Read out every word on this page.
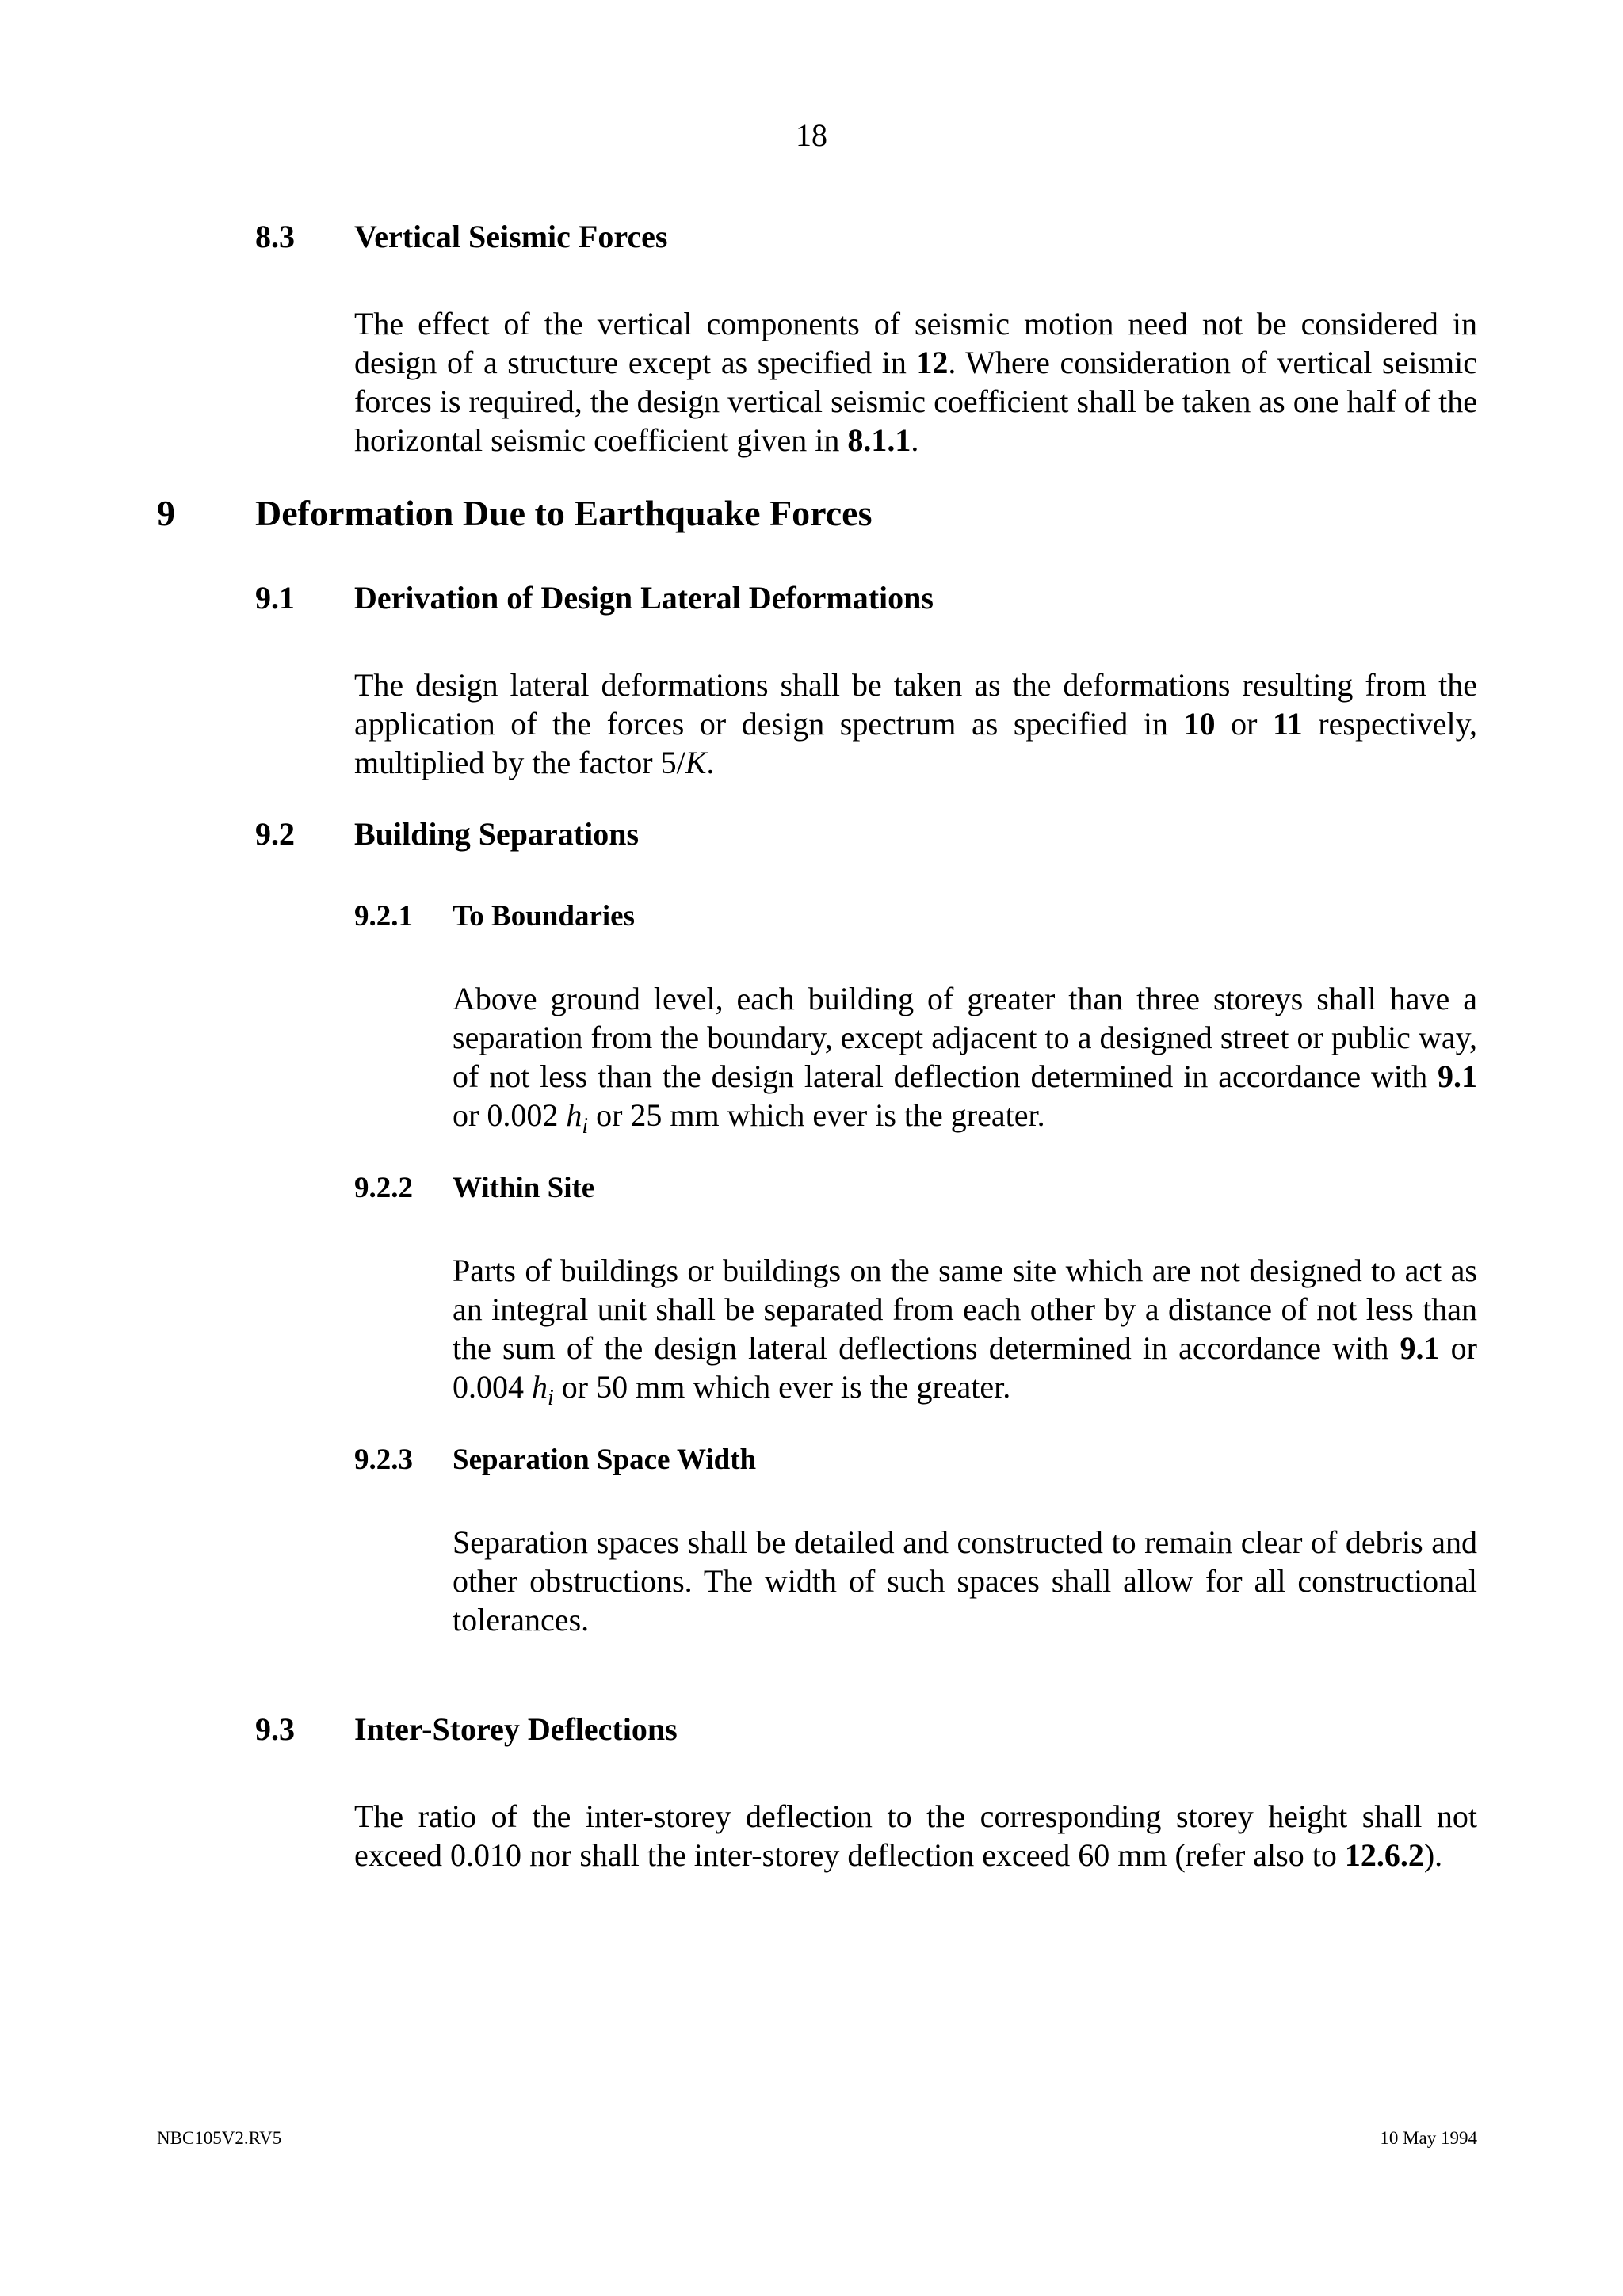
18
8.3 Vertical Seismic Forces
The effect of the vertical components of seismic motion need not be considered in design of a structure except as specified in 12. Where consideration of vertical seismic forces is required, the design vertical seismic coefficient shall be taken as one half of the horizontal seismic coefficient given in 8.1.1.
9 Deformation Due to Earthquake Forces
9.1 Derivation of Design Lateral Deformations
The design lateral deformations shall be taken as the deformations resulting from the application of the forces or design spectrum as specified in 10 or 11 respectively, multiplied by the factor 5/K.
9.2 Building Separations
9.2.1 To Boundaries
Above ground level, each building of greater than three storeys shall have a separation from the boundary, except adjacent to a designed street or public way, of not less than the design lateral deflection determined in accordance with 9.1 or 0.002 $h_i$ or 25 mm which ever is the greater.
9.2.2 Within Site
Parts of buildings or buildings on the same site which are not designed to act as an integral unit shall be separated from each other by a distance of not less than the sum of the design lateral deflections determined in accordance with 9.1 or 0.004 $h_i$ or 50 mm which ever is the greater.
9.2.3 Separation Space Width
Separation spaces shall be detailed and constructed to remain clear of debris and other obstructions. The width of such spaces shall allow for all constructional tolerances.
9.3 Inter-Storey Deflections
The ratio of the inter-storey deflection to the corresponding storey height shall not exceed 0.010 nor shall the inter-storey deflection exceed 60 mm (refer also to 12.6.2).
NBC105V2.RV5	10 May 1994
